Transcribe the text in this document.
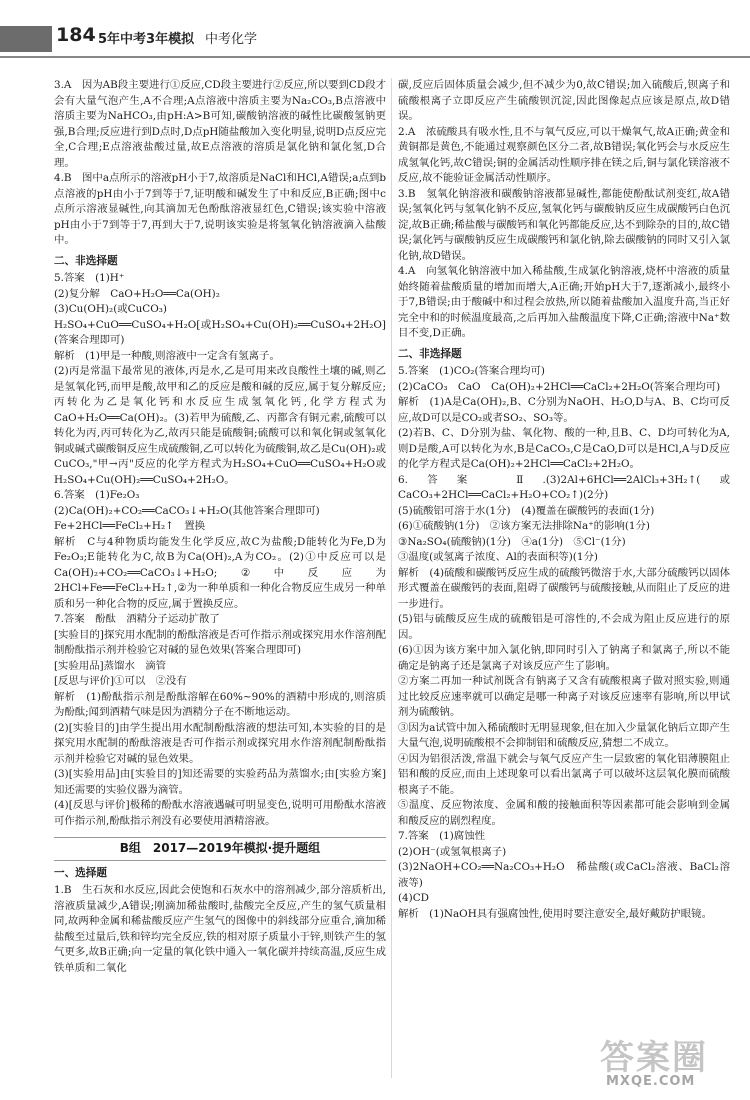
184 5年中考3年模拟 中考化学

3.A　因为AB段主要进行①反应,CD段主要进行②反应,所以要到CD段才会有大量气泡产生,A不合理;A点溶液中溶质主要为Na₂CO₃,B点溶液中溶质主要为NaHCO₃,由pH:A>B可知,碳酸钠溶液的碱性比碳酸氢钠更强,B合理;反应进行到D点时,D点pH随盐酸加入变化明显,说明D点反应完全,C合理;E点溶液盐酸过量,故E点溶液的溶质是氯化钠和氯化氢,D合理。

4.B　图中a点所示的溶液pH小于7,故溶质是NaCl和HCl,A错误;a点到b点溶液的pH由小于7到等于7,证明酸和碱发生了中和反应,B正确;图中c点所示溶液显碱性,向其滴加无色酚酞溶液显红色,C错误;该实验中溶液pH由小于7到等于7,再到大于7,说明该实验是将氢氧化钠溶液滴入盐酸中。

二、非选择题

5.答案　(1)H⁺

(2)复分解　CaO+H₂O══Ca(OH)₂

(3)Cu(OH)₂(或CuCO₃)

H₂SO₄+CuO══CuSO₄+H₂O[或H₂SO₄+Cu(OH)₂══CuSO₄+2H₂O](答案合理即可)

解析　(1)甲是一种酸,则溶液中一定含有氢离子。

(2)丙是常温下最常见的液体,丙是水,乙是可用来改良酸性土壤的碱,则乙是氢氧化钙,而甲是酸,故甲和乙的反应是酸和碱的反应,属于复分解反应;丙转化为乙是氧化钙和水反应生成氢氧化钙,化学方程式为CaO+H₂O══Ca(OH)₂。(3)若甲为硫酸,乙、丙都含有铜元素,硫酸可以转化为丙,丙可转化为乙,故丙只能是硫酸铜;硫酸可以和氧化铜或氢氧化铜或碱式碳酸铜反应生成硫酸铜,乙可以转化为硫酸铜,故乙是Cu(OH)₂或CuCO₃,"甲→丙"反应的化学方程式为H₂SO₄+CuO══CuSO₄+H₂O或H₂SO₄+Cu(OH)₂══CuSO₄+2H₂O。

6.答案　(1)Fe₂O₃

(2)Ca(OH)₂+CO₂══CaCO₃↓+H₂O(其他答案合理即可)

Fe+2HCl══FeCl₂+H₂↑　置换

解析　C与4种物质均能发生化学反应,故C为盐酸;D能转化为Fe,D为Fe₂O₃;E能转化为C,故B为Ca(OH)₂,A为CO₂。(2)①中反应可以是Ca(OH)₂+CO₂══CaCO₃↓+H₂O;②中反应为2HCl+Fe══FeCl₂+H₂↑,②为一种单质和一种化合物反应生成另一种单质和另一种化合物的反应,属于置换反应。

7.答案　酚酞　酒精分子运动扩散了

[实验目的]探究用水配制的酚酞溶液是否可作指示剂或探究用水作溶剂配制酚酞指示剂并检验它对碱的显色效果(答案合理即可)

[实验用品]蒸馏水　滴管

[反思与评价]①可以　②没有

解析　(1)酚酞指示剂是酚酞溶解在60%~90%的酒精中形成的,则溶质为酚酞;闻到酒精气味是因为酒精分子在不断地运动。

(2)[实验目的]由学生提出用水配制酚酞溶液的想法可知,本实验的目的是探究用水配制的酚酞溶液是否可作指示剂或探究用水作溶剂配制酚酞指示剂并检验它对碱的显色效果。

(3)[实验用品]由[实验目的]知还需要的实验药品为蒸馏水;由[实验方案]知还需要的实验仪器为滴管。

(4)[反思与评价]极稀的酚酞水溶液遇碱可明显变色,说明可用酚酞水溶液可作指示剂,酚酞指示剂没有必要使用酒精溶液。

B组　2017—2019年模拟·提升题组

一、选择题

1.B　生石灰和水反应,因此会使饱和石灰水中的溶剂减少,部分溶质析出,溶液质量减少,A错误;刚滴加稀盐酸时,盐酸完全反应,产生的氢气质量相同,故两种金属和稀盐酸反应产生氢气的图像中的斜线部分应重合,滴加稀盐酸至过量后,铁和锌均完全反应,铁的相对原子质量小于锌,则铁产生的氢气更多,故B正确;向一定量的氧化铁中通入一氧化碳并持续高温,反应生成铁单质和二氧化

碳,反应后固体质量会减少,但不减少为0,故C错误;加入硫酸后,钡离子和硫酸根离子立即反应产生硫酸钡沉淀,因此图像起点应该是原点,故D错误。

2.A　浓硫酸具有吸水性,且不与氧气反应,可以干燥氧气,故A正确;黄金和黄铜都是黄色,不能通过观察颜色区分二者,故B错误;氧化钙会与水反应生成氢氧化钙,故C错误;铜的金属活动性顺序排在镁之后,铜与氯化镁溶液不反应,故不能验证金属活动性顺序。

3.B　氢氧化钠溶液和碳酸钠溶液都显碱性,都能使酚酞试剂变红,故A错误;氢氧化钙与氢氧化钠不反应,氢氧化钙与碳酸钠反应生成碳酸钙白色沉淀,故B正确;稀盐酸与碳酸钙和氧化钙都能反应,达不到除杂的目的,故C错误;氯化钙与碳酸钠反应生成碳酸钙和氯化钠,除去碳酸钠的同时又引入氯化钠,故D错误。

4.A　向氢氧化钠溶液中加入稀盐酸,生成氯化钠溶液,烧杯中溶液的质量始终随着盐酸质量的增加而增大,A正确;开始pH大于7,逐渐减小,最终小于7,B错误;由于酸碱中和过程会放热,所以随着盐酸加入温度升高,当正好完全中和的时候温度最高,之后再加入盐酸温度下降,C正确;溶液中Na⁺数目不变,D正确。

二、非选择题

5.答案　(1)CO₂(答案合理均可)

(2)CaCO₃　CaO　Ca(OH)₂+2HCl══CaCl₂+2H₂O(答案合理均可)

解析　(1)A是Ca(OH)₂,B、C分别为NaOH、H₂O,D与A、B、C均可反应,故D可以是CO₂或者SO₂、SO₃等。

(2)若B、C、D分别为盐、氧化物、酸的一种,且B、C、D均可转化为A,则D是酸,A可以转化为水,B是CaCO₃,C是CaO,D可以是HCl,A与D反应的化学方程式是Ca(OH)₂+2HCl══CaCl₂+2H₂O。

6.答案　Ⅱ.(3)2Al+6HCl══2AlCl₃+3H₂↑(或CaCO₃+2HCl══CaCl₂+H₂O+CO₂↑)(2分)

(5)硫酸铝可溶于水(1分)　(4)覆盖在碳酸钙的表面(1分)

(6)①硫酸钠(1分)　②该方案无法排除Na⁺的影响(1分)

③Na₂SO₄(硫酸钠)(1分)　④a(1分)　⑤Cl⁻(1分)

③温度(或氢离子浓度、Al的表面积等)(1分)

解析　(4)硫酸和碳酸钙反应生成的硫酸钙微溶于水,大部分硫酸钙以固体形式覆盖在碳酸钙的表面,阻碍了碳酸钙与硫酸接触,从而阻止了反应的进一步进行。

(5)铝与硫酸反应生成的硫酸铝是可溶性的,不会成为阻止反应进行的原因。

(6)①因为该方案中加入氯化钠,即同时引入了钠离子和氯离子,所以不能确定是钠离子还是氯离子对该反应产生了影响。

②方案二再加一种试剂既含有钠离子又含有硫酸根离子做对照实验,则通过比较反应速率就可以确定是哪一种离子对该反应速率有影响,所以甲试剂为硫酸钠。

③因为a试管中加入稀硫酸时无明显现象,但在加入少量氯化钠后立即产生大量气泡,说明硫酸根不会抑制铝和硫酸反应,猜想二不成立。

④因为铝很活泼,常温下就会与氧气反应产生一层致密的氧化铝薄膜阻止铝和酸的反应,而由上述现象可以看出氯离子可以破坏这层氧化膜而硫酸根离子不能。

⑤温度、反应物浓度、金属和酸的接触面积等因素都可能会影响到金属和酸反应的剧烈程度。

7.答案　(1)腐蚀性

(2)OH⁻(或氢氧根离子)

(3)2NaOH+CO₂══Na₂CO₃+H₂O　稀盐酸(或CaCl₂溶液、BaCl₂溶液等)

(4)CD

解析　(1)NaOH具有强腐蚀性,使用时要注意安全,最好戴防护眼镜。

答案圈
MXQE.COM
